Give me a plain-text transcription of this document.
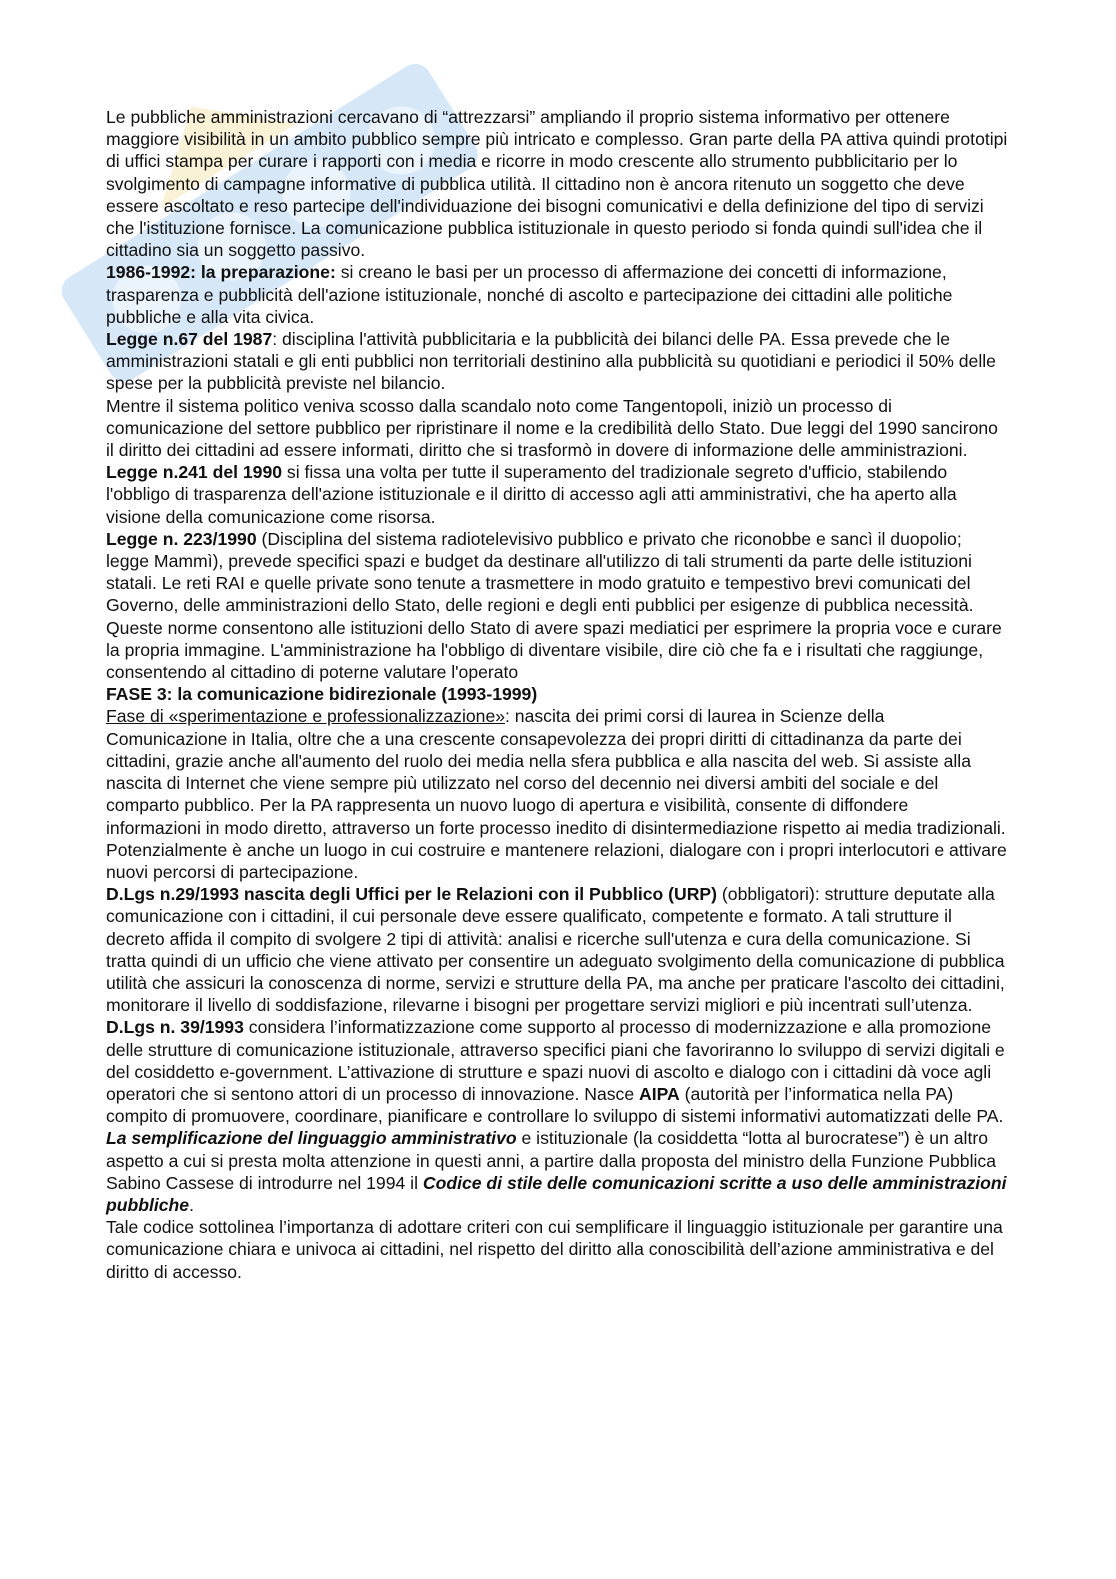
Le pubbliche amministrazioni cercavano di “attrezzarsi” ampliando il proprio sistema informativo per ottenere maggiore visibilità in un ambito pubblico sempre più intricato e complesso. Gran parte della PA attiva quindi prototipi di uffici stampa per curare i rapporti con i media e ricorre in modo crescente allo strumento pubblicitario per lo svolgimento di campagne informative di pubblica utilità. Il cittadino non è ancora ritenuto un soggetto che deve essere ascoltato e reso partecipe dell'individuazione dei bisogni comunicativi e della definizione del tipo di servizi che l'istituzione fornisce. La comunicazione pubblica istituzionale in questo periodo si fonda quindi sull'idea che il cittadino sia un soggetto passivo.

1986-1992: la preparazione: si creano le basi per un processo di affermazione dei concetti di informazione, trasparenza e pubblicità dell'azione istituzionale, nonché di ascolto e partecipazione dei cittadini alle politiche pubbliche e alla vita civica.

Legge n.67 del 1987: disciplina l'attività pubblicitaria e la pubblicità dei bilanci delle PA. Essa prevede che le amministrazioni statali e gli enti pubblici non territoriali destinino alla pubblicità su quotidiani e periodici il 50% delle spese per la pubblicità previste nel bilancio.

Mentre il sistema politico veniva scosso dalla scandalo noto come Tangentopoli, iniziò un processo di comunicazione del settore pubblico per ripristinare il nome e la credibilità dello Stato. Due leggi del 1990 sancirono il diritto dei cittadini ad essere informati, diritto che si trasformò in dovere di informazione delle amministrazioni.

Legge n.241 del 1990 si fissa una volta per tutte il superamento del tradizionale segreto d'ufficio, stabilendo l'obbligo di trasparenza dell'azione istituzionale e il diritto di accesso agli atti amministrativi, che ha aperto alla visione della comunicazione come risorsa.

Legge n. 223/1990 (Disciplina del sistema radiotelevisivo pubblico e privato che riconobbe e sancì il duopolio; legge Mammì), prevede specifici spazi e budget da destinare all'utilizzo di tali strumenti da parte delle istituzioni statali. Le reti RAI e quelle private sono tenute a trasmettere in modo gratuito e tempestivo brevi comunicati del Governo, delle amministrazioni dello Stato, delle regioni e degli enti pubblici per esigenze di pubblica necessità. Queste norme consentono alle istituzioni dello Stato di avere spazi mediatici per esprimere la propria voce e curare la propria immagine. L'amministrazione ha l'obbligo di diventare visibile, dire ciò che fa e i risultati che raggiunge, consentendo al cittadino di poterne valutare l'operato

FASE 3: la comunicazione bidirezionale (1993-1999)

Fase di «sperimentazione e professionalizzazione»: nascita dei primi corsi di laurea in Scienze della Comunicazione in Italia, oltre che a una crescente consapevolezza dei propri diritti di cittadinanza da parte dei cittadini, grazie anche all'aumento del ruolo dei media nella sfera pubblica e alla nascita del web. Si assiste alla nascita di Internet che viene sempre più utilizzato nel corso del decennio nei diversi ambiti del sociale e del comparto pubblico. Per la PA rappresenta un nuovo luogo di apertura e visibilità, consente di diffondere informazioni in modo diretto, attraverso un forte processo inedito di disintermediazione rispetto ai media tradizionali. Potenzialmente è anche un luogo in cui costruire e mantenere relazioni, dialogare con i propri interlocutori e attivare nuovi percorsi di partecipazione.

D.Lgs n.29/1993 nascita degli Uffici per le Relazioni con il Pubblico (URP) (obbligatori): strutture deputate alla comunicazione con i cittadini, il cui personale deve essere qualificato, competente e formato. A tali strutture il decreto affida il compito di svolgere 2 tipi di attività: analisi e ricerche sull'utenza e cura della comunicazione. Si tratta quindi di un ufficio che viene attivato per consentire un adeguato svolgimento della comunicazione di pubblica utilità che assicuri la conoscenza di norme, servizi e strutture della PA, ma anche per praticare l'ascolto dei cittadini, monitorare il livello di soddisfazione, rilevarne i bisogni per progettare servizi migliori e più incentrati sull’utenza.

D.Lgs n. 39/1993 considera l’informatizzazione come supporto al processo di modernizzazione e alla promozione delle strutture di comunicazione istituzionale, attraverso specifici piani che favoriranno lo sviluppo di servizi digitali e del cosiddetto e-government. L’attivazione di strutture e spazi nuovi di ascolto e dialogo con i cittadini dà voce agli operatori che si sentono attori di un processo di innovazione. Nasce AIPA (autorità per l’informatica nella PA) compito di promuovere, coordinare, pianificare e controllare lo sviluppo di sistemi informativi automatizzati delle PA.

La semplificazione del linguaggio amministrativo e istituzionale (la cosiddetta “lotta al burocratese”) è un altro aspetto a cui si presta molta attenzione in questi anni, a partire dalla proposta del ministro della Funzione Pubblica Sabino Cassese di introdurre nel 1994 il Codice di stile delle comunicazioni scritte a uso delle amministrazioni pubbliche.

Tale codice sottolinea l’importanza di adottare criteri con cui semplificare il linguaggio istituzionale per garantire una comunicazione chiara e univoca ai cittadini, nel rispetto del diritto alla conoscibilità dell’azione amministrativa e del diritto di accesso.
